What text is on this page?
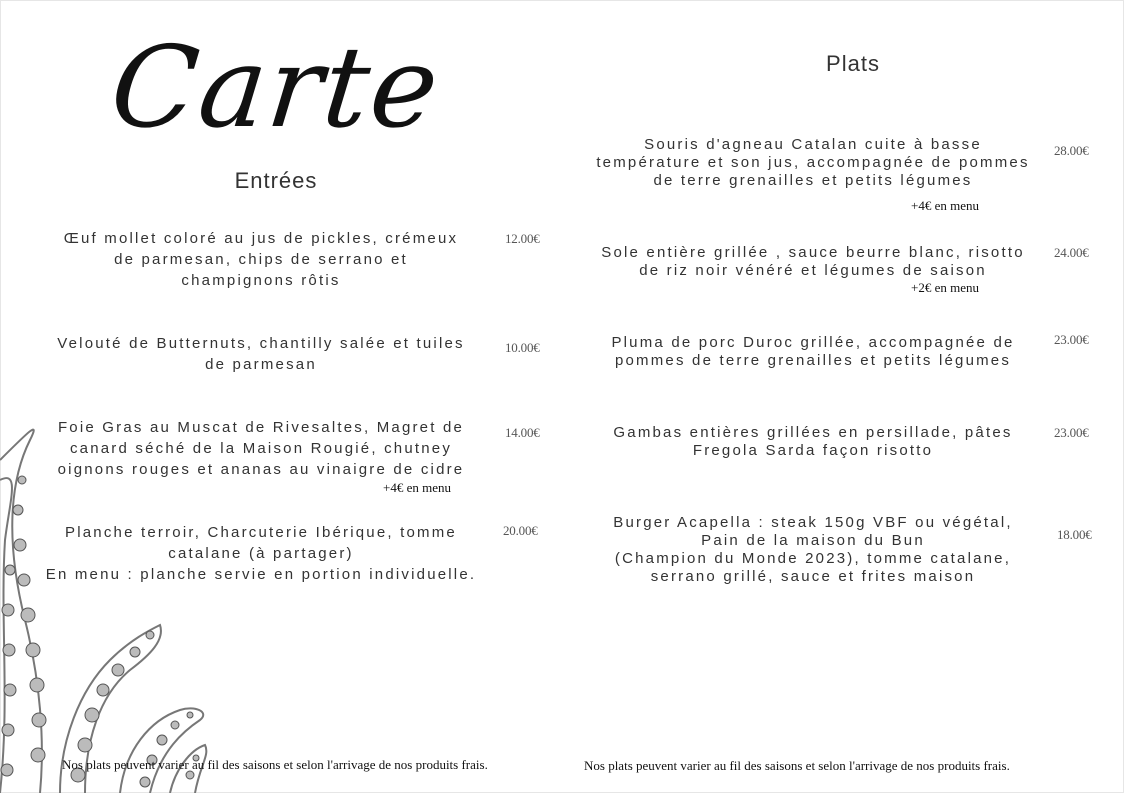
Carte
Entrées
Œuf mollet coloré au jus de pickles, crémeux
de parmesan, chips de serrano et
champignons rôtis
12.00€
Velouté de Butternuts, chantilly salée et tuiles
de parmesan
10.00€
Foie Gras au Muscat de Rivesaltes, Magret de
canard séché de la Maison Rougié, chutney
oignons rouges et ananas au vinaigre de cidre
14.00€
+4€ en menu
Planche terroir, Charcuterie Ibérique, tomme
catalane (à partager)
En menu : planche servie en portion individuelle.
20.00€
Nos plats peuvent varier au fil des saisons et selon l'arrivage de nos produits frais.
Plats
Souris d'agneau Catalan cuite à basse
température et son jus, accompagnée de pommes
de terre grenailles et petits légumes
28.00€
+4€ en menu
Sole entière grillée , sauce beurre blanc, risotto
de riz noir vénéré et légumes de saison
24.00€
+2€ en menu
Pluma de porc Duroc grillée, accompagnée de
pommes de terre grenailles et petits légumes
23.00€
Gambas entières grillées en persillade, pâtes
Fregola Sarda façon risotto
23.00€
Burger Acapella : steak 150g VBF ou végétal,
Pain de la maison du Bun
(Champion du Monde 2023), tomme catalane,
serrano grillé, sauce et frites maison
18.00€
Nos plats peuvent varier au fil des saisons et selon l'arrivage de nos produits frais.
